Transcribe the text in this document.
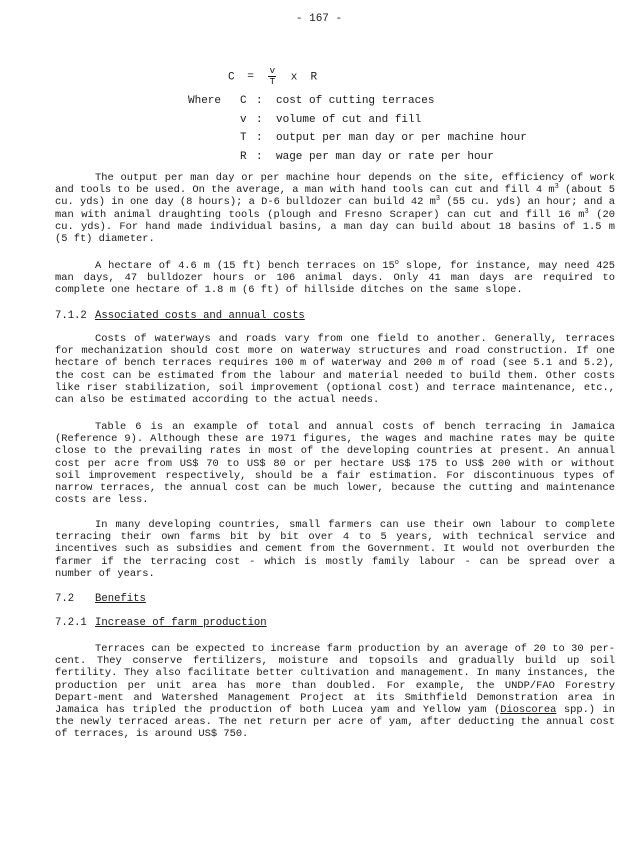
- 167 -
$C = \frac{v}{T}$ x  R
Where C : cost of cutting terraces
v : volume of cut and fill
T : output per man day or per machine hour
R : wage per man day or rate per hour

The output per man day or per machine hour depends on the site, efficiency of work and tools to be used. On the average, a man with hand tools can cut and fill 4 $m^3$ (about 5 cu. yds) in one day (8 hours); a D-6 bulldozer can build 42 $m^3$ (55 cu. yds) an hour; and a man with animal draughting tools (plough and Fresno Scraper) can cut and fill 16 $m^3$ (20 cu. yds). For hand made individual basins, a man day can build about 18 basins of 1.5 m (5 ft) diameter.

A hectare of 4.6 m (15 ft) bench terraces on 15$^o$ slope, for instance, may need 425 man days, 47 bulldozer hours or 106 animal days. Only 41 man days are required to complete one hectare of 1.8 m (6 ft) of hillside ditches on the same slope.

7.1.2 Associated costs and annual costs

Costs of waterways and roads vary from one field to another. Generally, terraces for mechanization should cost more on waterway structures and road construction. If one hectare of bench terraces requires 100 m of waterway and 200 m of road (see 5.1 and 5.2), the cost can be estimated from the labour and material needed to build them. Other costs like riser stabilization, soil improvement (optional cost) and terrace maintenance, etc., can also be estimated according to the actual needs.

Table 6 is an example of total and annual costs of bench terracing in Jamaica (Reference 9). Although these are 1971 figures, the wages and machine rates may be quite close to the prevailing rates in most of the developing countries at present. An annual cost per acre from US$ 70 to US$ 80 or per hectare US$ 175 to US$ 200 with or without soil improvement respectively, should be a fair estimation. For discontinuous types of narrow terraces, the annual cost can be much lower, because the cutting and maintenance costs are less.

In many developing countries, small farmers can use their own labour to complete terracing their own farms bit by bit over 4 to 5 years, with technical service and incentives such as subsidies and cement from the Government. It would not overburden the farmer if the terracing cost - which is mostly family labour - can be spread over a number of years.

7.2 Benefits
7.2.1 Increase of farm production

Terraces can be expected to increase farm production by an average of 20 to 30 per-cent. They conserve fertilizers, moisture and topsoils and gradually build up soil fertility. They also facilitate better cultivation and management. In many instances, the production per unit area has more than doubled. For example, the UNDP/FAO Forestry Depart-ment and Watershed Management Project at its Smithfield Demonstration area in Jamaica has tripled the production of both Lucea yam and Yellow yam (Dioscorea spp.) in the newly terraced areas. The net return per acre of yam, after deducting the annual cost of terraces, is around US$ 750.
